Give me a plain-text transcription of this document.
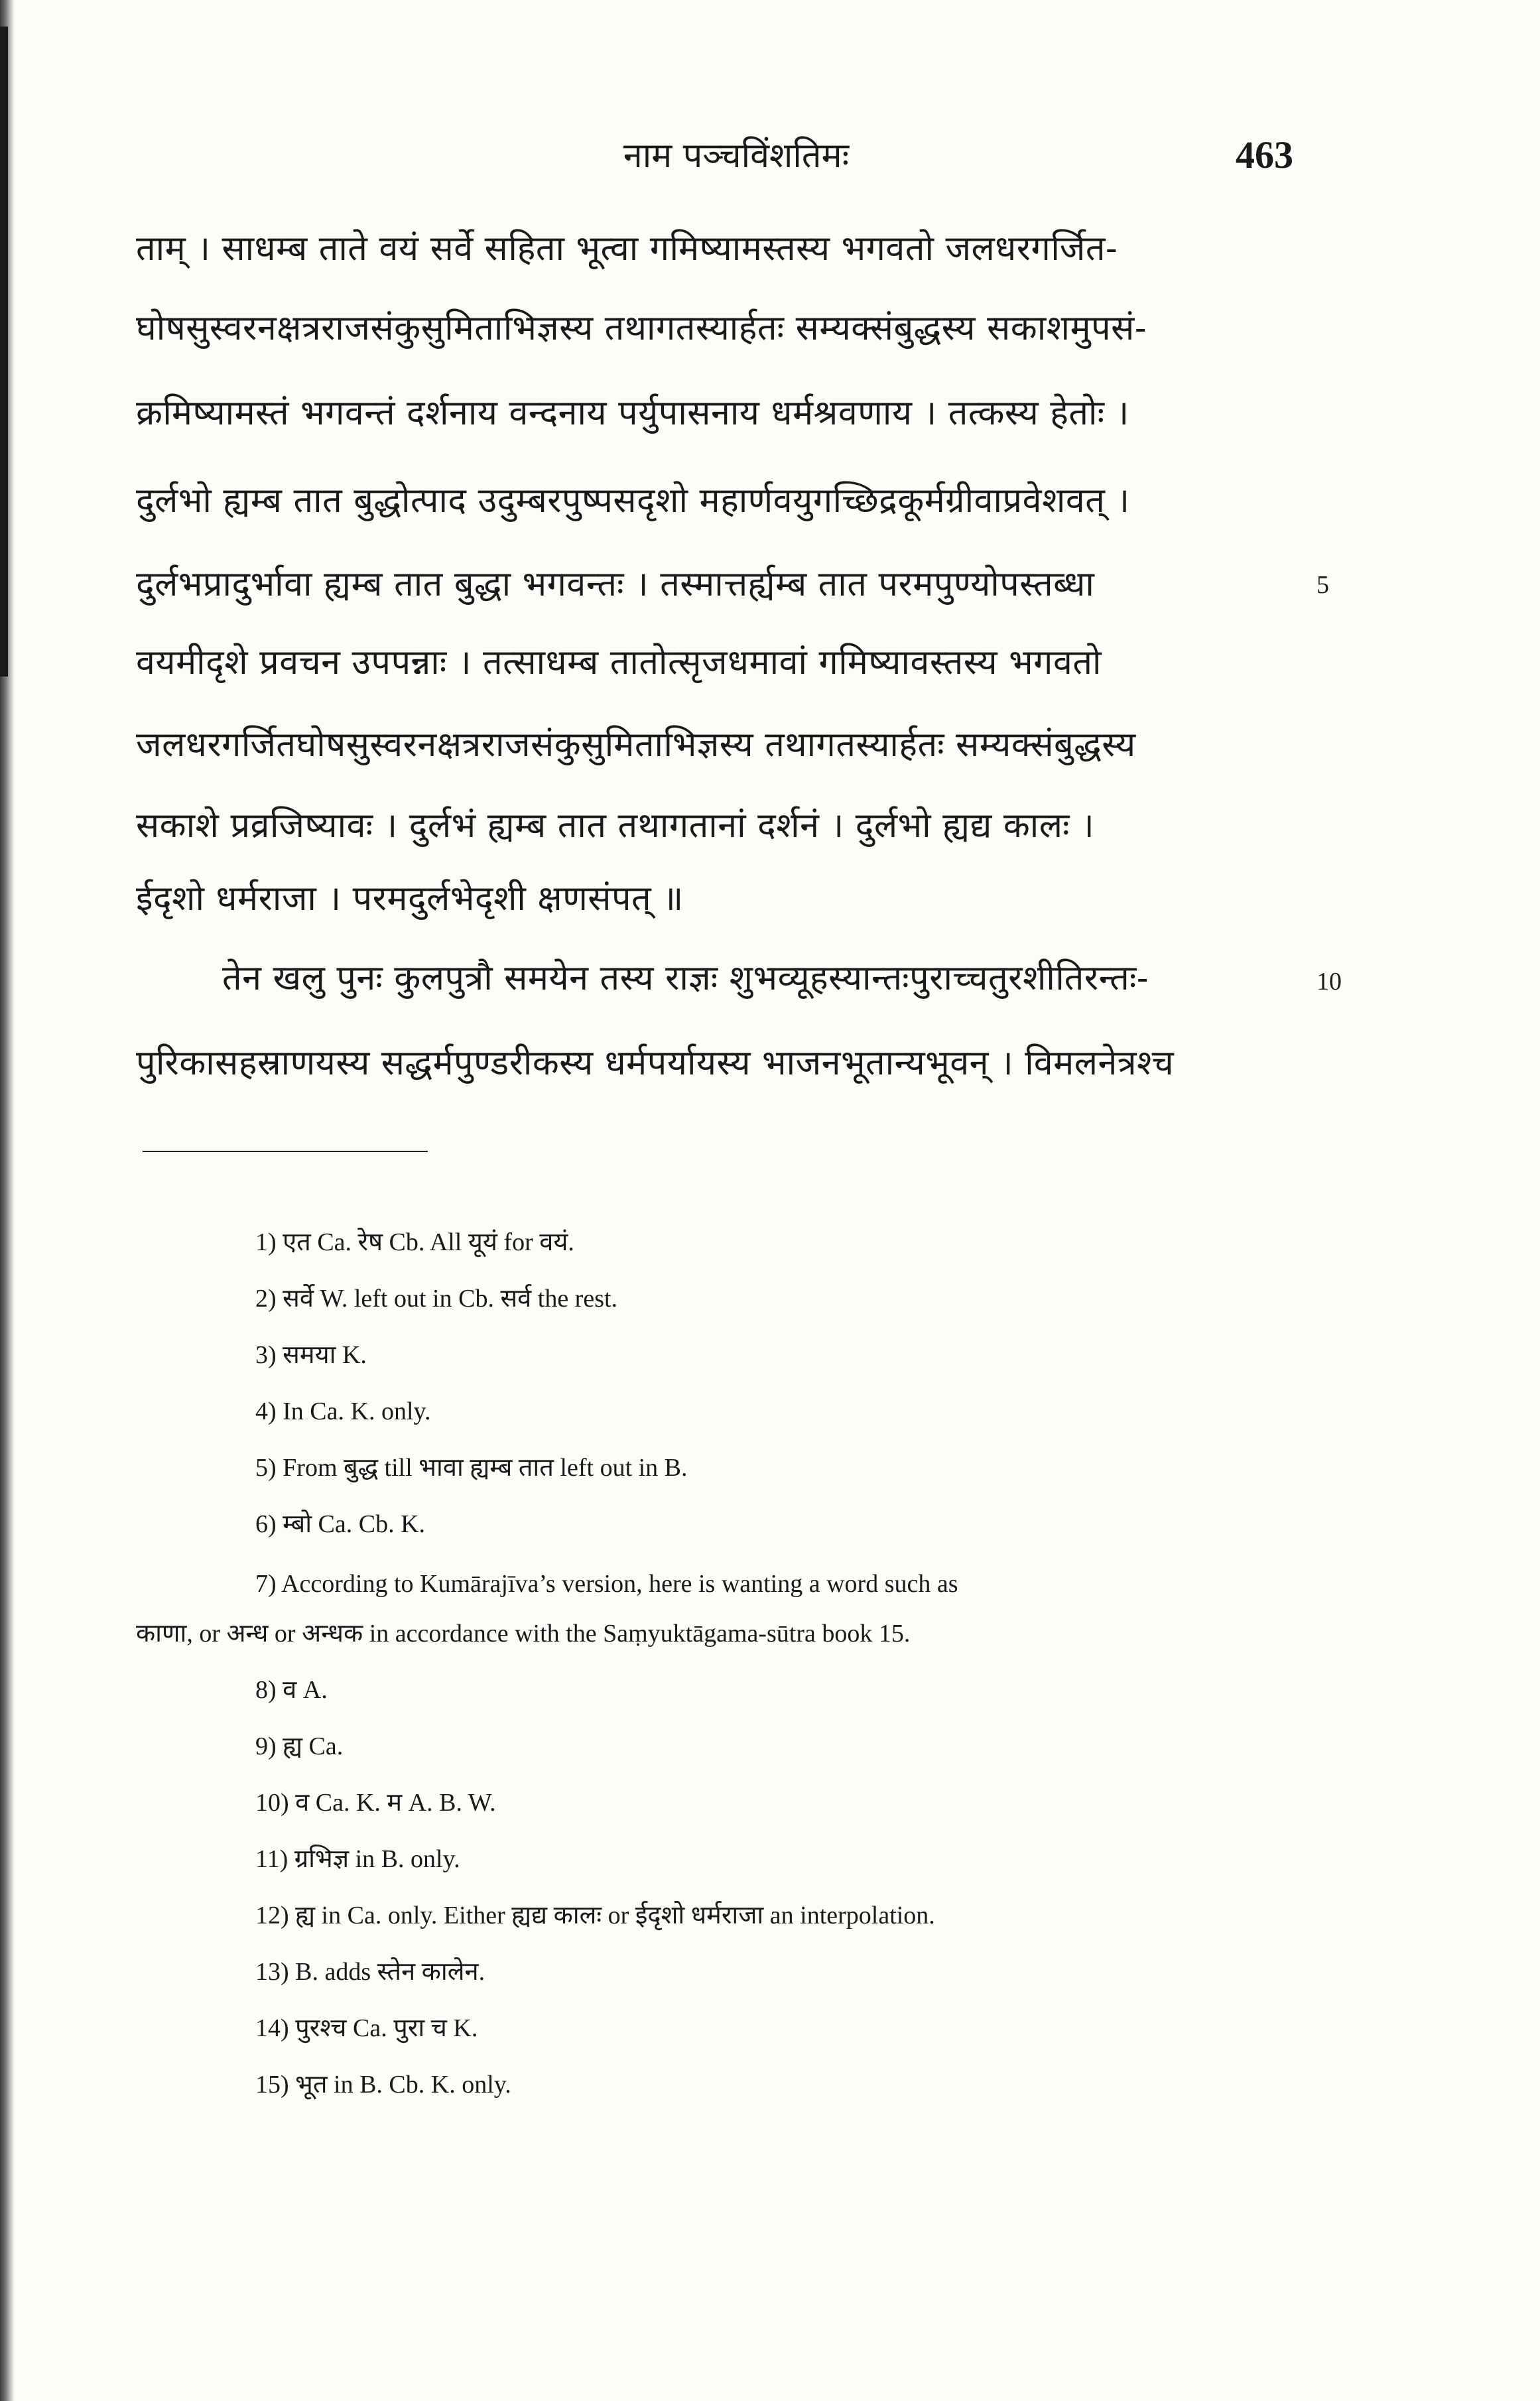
नाम पञ्चविंशतिमः	463
ताम् । साधम्ब ताते वयं सर्वे सहिता भूत्वा गमिष्यामस्तस्य भगवतो जलधरगर्जित-
घोषसुस्वरनक्षत्रराजसंकुसुमिताभिज्ञस्य तथागतस्यार्हतः सम्यक्संबुद्धस्य सकाशमुपसं-
क्रमिष्यामस्तं भगवन्तं दर्शनाय वन्दनाय पर्युपासनाय धर्मश्रवणाय । तत्कस्य हेतोः ।
दुर्लभो ह्यम्ब तात बुद्धोत्पाद उदुम्बरपुष्पसदृशो महार्णवयुगच्छिद्रकूर्मग्रीवाप्रवेशवत् ।
दुर्लभप्रादुर्भावा ह्यम्ब तात बुद्धा भगवन्तः । तस्मात्तर्ह्यम्ब तात परमपुण्योपस्तब्धा	5
वयमीदृशे प्रवचन उपपन्नाः । तत्साधम्ब तातोत्सृजधमावां गमिष्यावस्तस्य भगवतो
जलधरगर्जितघोषसुस्वरनक्षत्रराजसंकुसुमिताभिज्ञस्य तथागतस्यार्हतः सम्यक्संबुद्धस्य
सकाशे प्रव्रजिष्यावः । दुर्लभं ह्यम्ब तात तथागतानां दर्शनं । दुर्लभो ह्यद्य कालः ।
ईदृशो धर्मराजा । परमदुर्लभेदृशी क्षणसंपत् ॥
तेन खलु पुनः कुलपुत्रौ समयेन तस्य राज्ञः शुभव्यूहस्यान्तःपुराच्चतुरशीतिरन्तः-	10
पुरिकासहस्राणयस्य सद्धर्मपुण्डरीकस्य धर्मपर्यायस्य भाजनभूतान्यभूवन् । विमलनेत्रश्च
1) एत Ca. रेष Cb. All यूयं for वयं.
2) सर्वे W. left out in Cb. सर्व the rest.
3) समया K.
4) In Ca. K. only.
5) From बुद्ध till भावा ह्यम्ब तात left out in B.
6) म्बो Ca. Cb. K.
7) According to Kumārajīva’s version, here is wanting a word such as
काणा, or अन्ध or अन्धक in accordance with the Saṃyuktāgama-sūtra book 15.
8) व A.
9) ह्य Ca.
10) व Ca. K. म A. B. W.
11) ग्रभिज्ञ in B. only.
12) ह्य in Ca. only. Either ह्यद्य कालः or ईदृशो धर्मराजा an interpolation.
13) B. adds स्तेन कालेन.
14) पुरश्च Ca. पुरा च K.
15) भूत in B. Cb. K. only.
